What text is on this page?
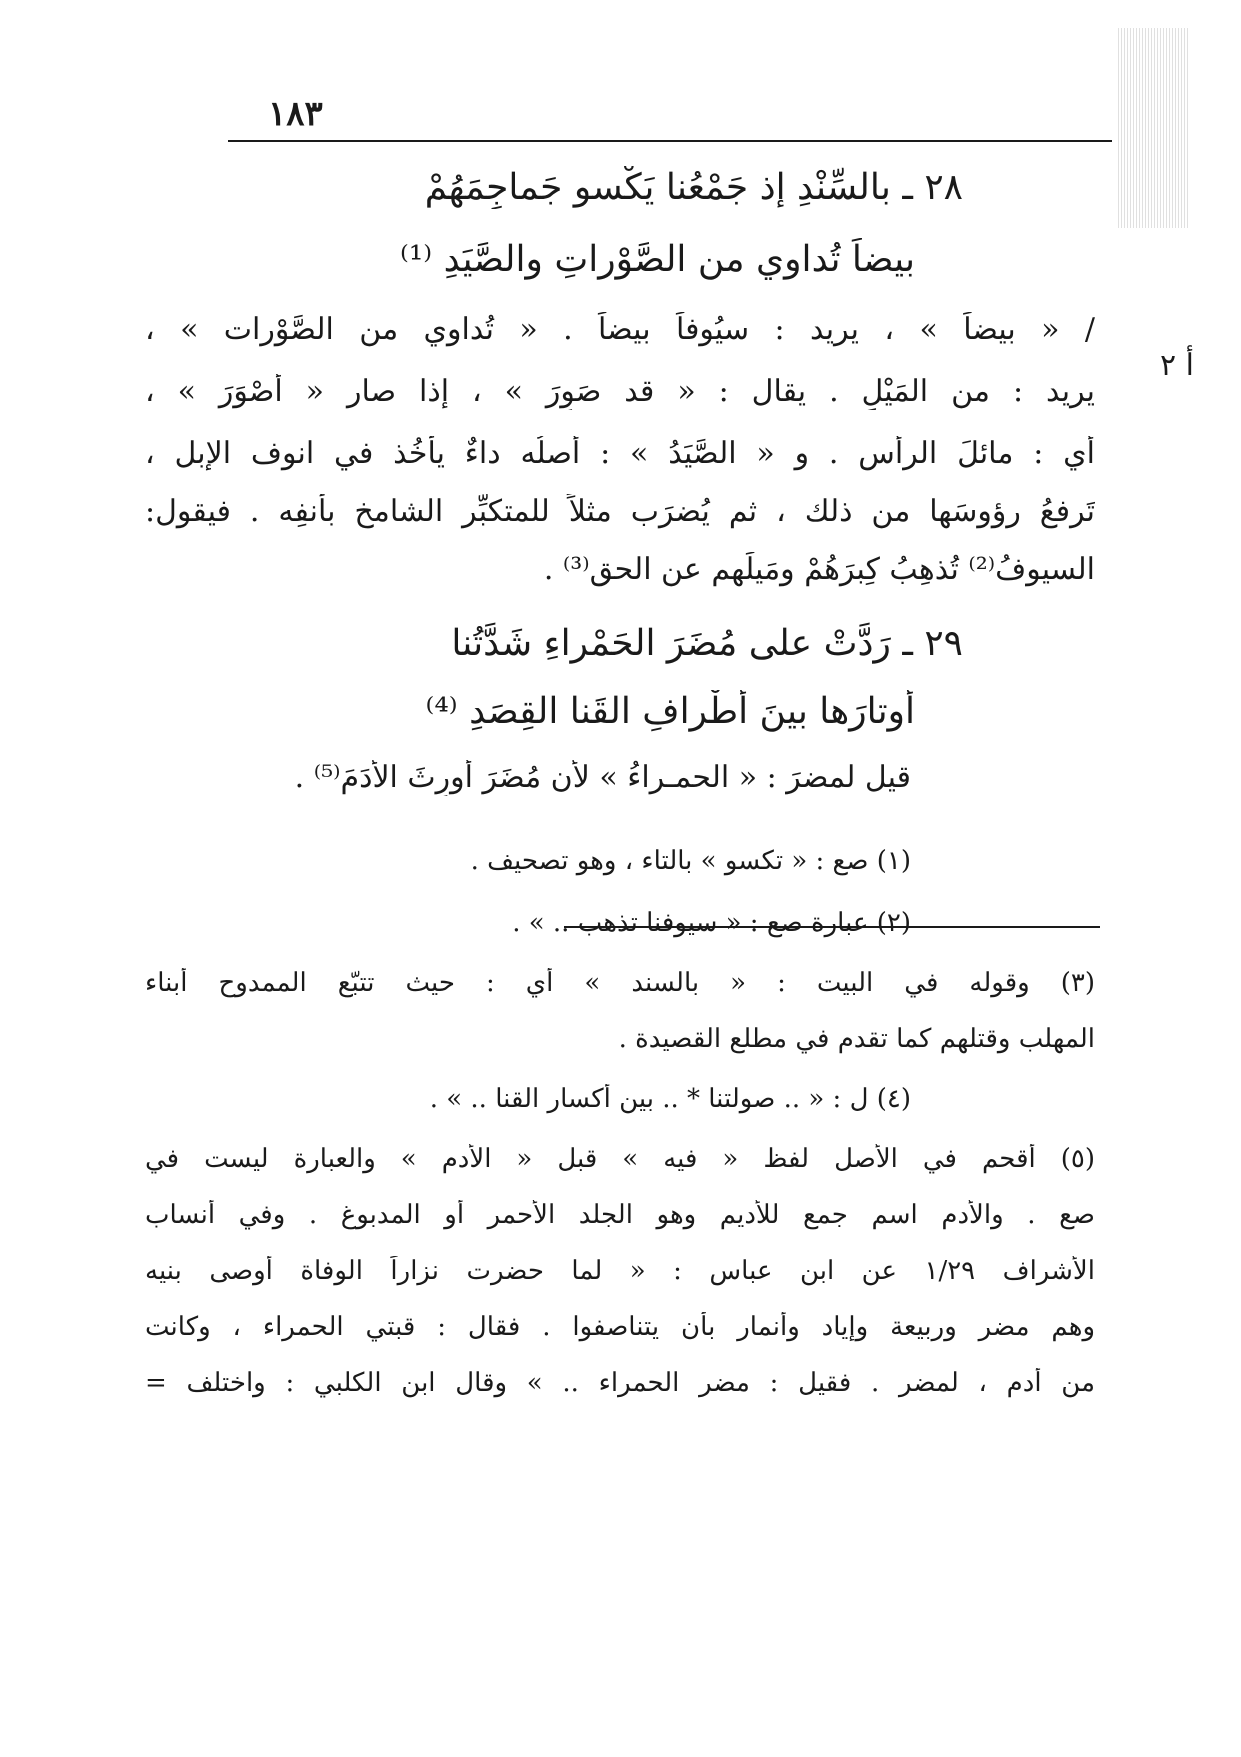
١٨٣
أ ٢
٢٨ ـ بالسِّنْدِ إذ جَمْعُنا يَكْسو جَماجِمَهُمْ
بيضاً تُداوي من الصَّوْراتِ والصَّيَدِ ⁽¹⁾
/ « بيضاً » ، يريد : سيُوفاً بيضاً . « تُداوي من الصَّوْرات » ،
يريد : من المَيْلِ . يقال : « قد صَوِرَ » ، إذا صار « أصْوَرَ » ،
أي : مائلَ الرأس . و « الصَّيَدُ » : أصلُه داءٌ يأخُذ في انوف الإبل ،
تَرفعُ رؤوسَها من ذلك ، ثم يُضرَب مثلاً للمتكبِّر الشامخِ بأنفِه . فيقول:
السيوفُ⁽²⁾ تُذهِبُ كِبرَهُمْ ومَيلَهم عن الحق⁽³⁾ .
٢٩ ـ رَدَّتْ على مُضَرَ الحَمْراءِ شَدَّتُنا
أوتارَها بينَ أطْرافِ القَنا القِصَدِ ⁽⁴⁾
قيل لمضرَ : « الحمـراءُ » لأن مُضَرَ أورِثَ الأدَمَ⁽⁵⁾ .
(١) صع : « تكسو » بالتاء ، وهو تصحيف .
(٢) عبارة صع : « سيوفنا تذهب .. » .
(٣) وقوله في البيت : « بالسند » أي : حيث تتبّع الممدوح أبناء
المهلب وقتلهم كما تقدم في مطلع القصيدة .
(٤) ل : « .. صولتنا * .. بين أكسار القنا .. » .
(٥) أقحم في الأصل لفظ « فيه » قبل « الأدم » والعبارة ليست في
صع . والأدم اسم جمع للأديم وهو الجلد الأحمر أو المدبوغ . وفي أنساب
الأشراف ١/٢٩ عن ابن عباس : « لما حضرت نزاراً الوفاة أوصى بنيه
وهم مضر وربيعة وإياد وأنمار بأن يتناصفوا . فقال : قبتي الحمراء ، وكانت
من أدم ، لمضر . فقيل : مضر الحمراء .. » وقال ابن الكلبي : واختلف =
